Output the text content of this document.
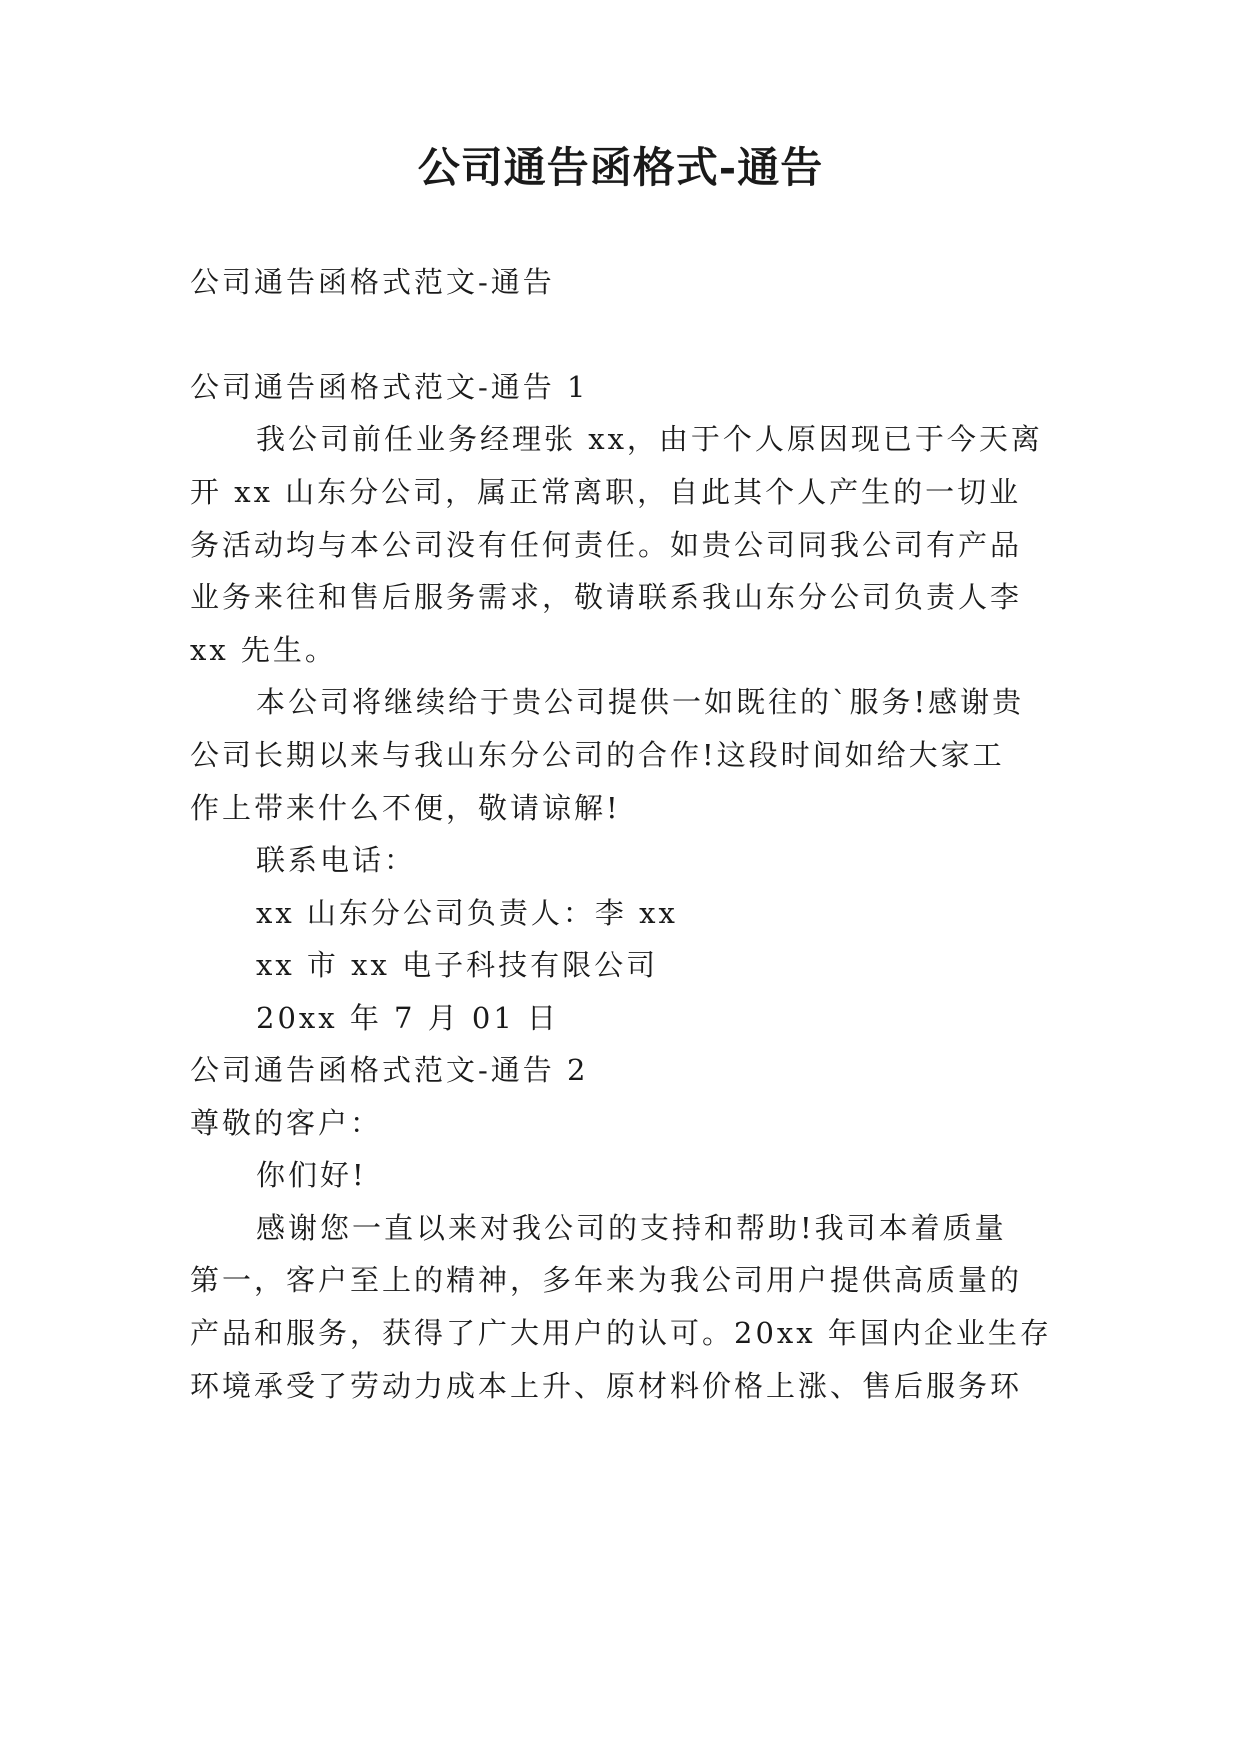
公司通告函格式-通告
公司通告函格式范文-通告
公司通告函格式范文-通告 1
我公司前任业务经理张 xx，由于个人原因现已于今天离
开 xx 山东分公司，属正常离职，自此其个人产生的一切业
务活动均与本公司没有任何责任。如贵公司同我公司有产品
业务来往和售后服务需求，敬请联系我山东分公司负责人李
xx 先生。
本公司将继续给于贵公司提供一如既往的`服务!感谢贵
公司长期以来与我山东分公司的合作!这段时间如给大家工
作上带来什么不便，敬请谅解!
联系电话：
xx 山东分公司负责人：李 xx
xx 市 xx 电子科技有限公司
20xx 年 7 月 01 日
公司通告函格式范文-通告 2
尊敬的客户：
你们好!
感谢您一直以来对我公司的支持和帮助!我司本着质量
第一，客户至上的精神，多年来为我公司用户提供高质量的
产品和服务，获得了广大用户的认可。20xx 年国内企业生存
环境承受了劳动力成本上升、原材料价格上涨、售后服务环
